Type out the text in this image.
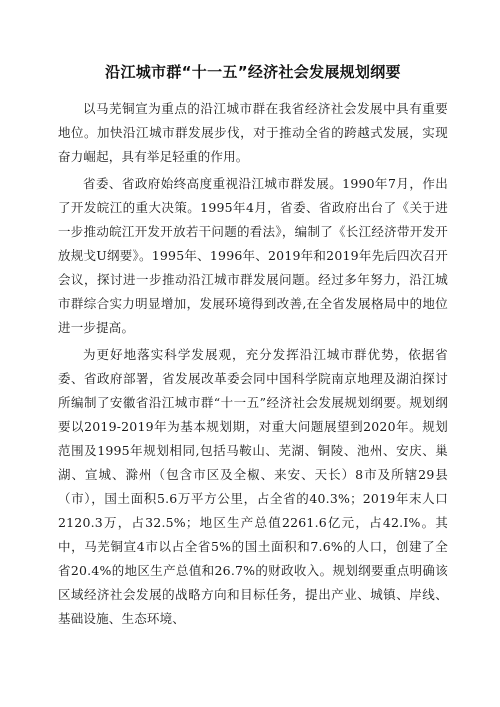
沿江城市群“十一五”经济社会发展规划纲要

以马芜铜宣为重点的沿江城市群在我省经济社会发展中具有重要地位。加快沿江城市群发展步伐，对于推动全省的跨越式发展，实现奋力崛起，具有举足轻重的作用。

省委、省政府始终高度重视沿江城市群发展。1990年7月，作出了开发皖江的重大决策。1995年4月，省委、省政府出台了《关于进一步推动皖江开发开放若干问题的看法》，编制了《长江经济带开发开放规戈U纲要》。1995年、1996年、2019年和2019年先后四次召开会议，探讨进一步推动沿江城市群发展问题。经过多年努力，沿江城市群综合实力明显增加，发展环境得到改善,在全省发展格局中的地位进一步提高。

为更好地落实科学发展观，充分发挥沿江城市群优势，依据省委、省政府部署，省发展改革委会同中国科学院南京地理及湖泊探讨所编制了安徽省沿江城市群“十一五”经济社会发展规划纲要。规划纲要以2019-2019年为基本规划期，对重大问题展望到2020年。规划范围及1995年规划相同,包括马鞍山、芜湖、铜陵、池州、安庆、巢湖、宣城、滁州（包含市区及全椒、来安、天长）8市及所辖29县（市），国土面积5.6万平方公里，占全省的40.3%；2019年末人口2120.3万，占32.5%；地区生产总值2261.6亿元，占42.I%。其中，马芜铜宣4市以占全省5%的国土面积和7.6%的人口，创建了全省20.4%的地区生产总值和26.7%的财政收入。规划纲要重点明确该区域经济社会发展的战略方向和目标任务，提出产业、城镇、岸线、基础设施、生态环境、
